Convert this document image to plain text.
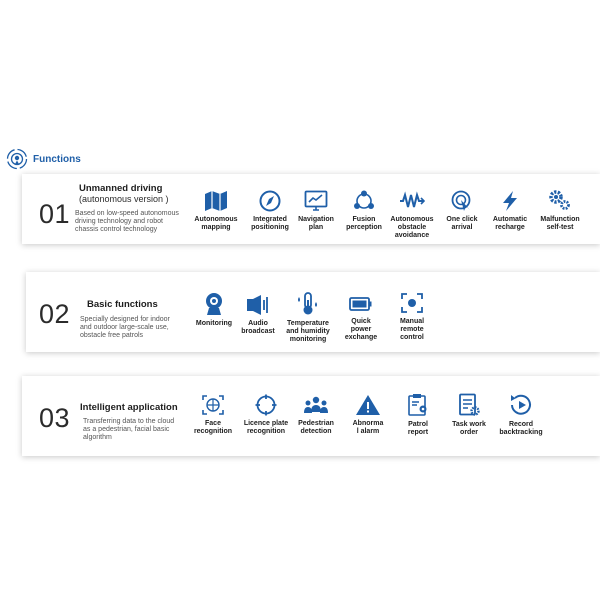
Functions
01
Unmanned driving
(autonomous version )
Based on low-speed autonomous
driving technology and robot
chassis control technology
Autonomous
mapping
Integrated
positioning
Navigation
plan
Fusion
perception
Autonomous
obstacle
avoidance
One click
arrival
Automatic
recharge
Malfunction
self-test
02 Basic functions
Specially designed for indoor
and outdoor large-scale use,
obstacle free patrols
Monitoring	Audio
broadcast
Temperature
and humidity
monitoring
Quick
power
exchange
Manual
remote
control
03 Intelligent application
Transferring data to the cloud
as a pedestrian, facial basic
algorithm
Face
recognition
Licence plate
recognition
Pedestrian
detection
Abnorma
l alarm
Patrol
report
Task work
order
Record
backtracking
